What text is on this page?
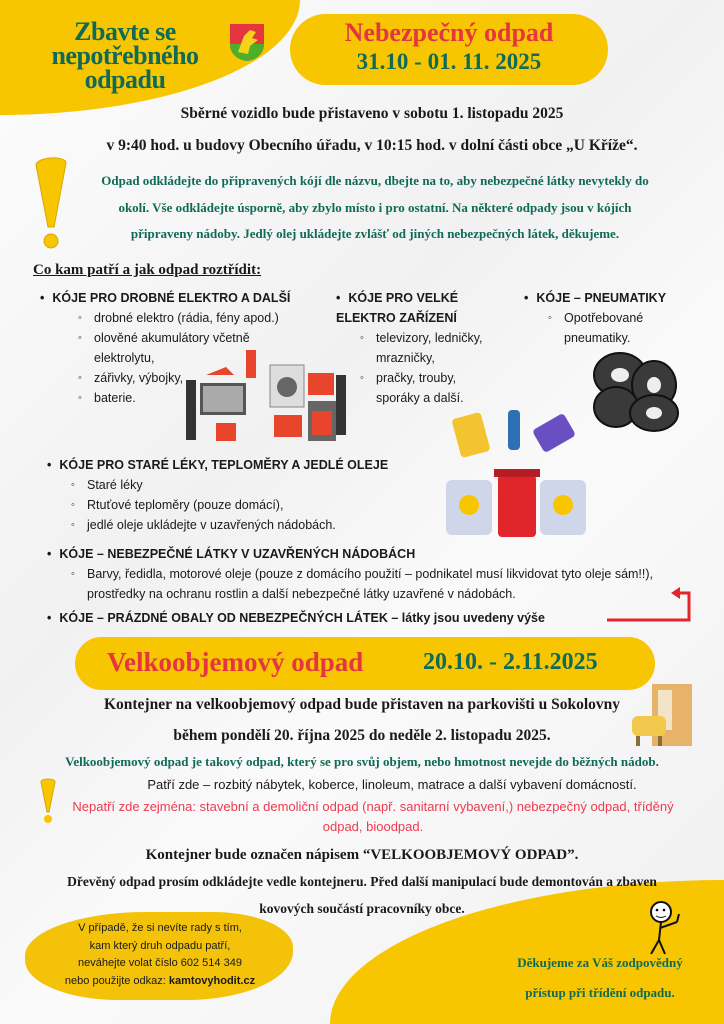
Zbavte se
nepotřebného
odpadu
Nebezpečný odpad
31.10 - 01. 11. 2025
Sběrné vozidlo bude přistaveno v sobotu 1. listopadu 2025
v 9:40 hod. u budovy Obecního úřadu, v 10:15 hod. v dolní části obce „U Kříže“.
Odpad odkládejte do připravených kójí dle názvu, dbejte na to, aby nebezpečné látky nevytekly do
okolí. Vše odkládejte úsporně, aby zbylo místo i pro ostatní. Na některé odpady jsou v kójích
připraveny nádoby. Jedlý olej ukládejte zvlášť od jiných nebezpečných látek, děkujeme.
Co kam patří a jak odpad roztřídit:
• KÓJE PRO DROBNÉ ELEKTRO A DALŠÍ
◦ drobné elektro (rádia, fény apod.)
◦ olověné akumulátory včetně elektrolytu,
◦ zářivky, výbojky,
◦ baterie.
• KÓJE PRO VELKÉ ELEKTRO ZAŘÍZENÍ
◦ televizory, ledničky, mrazničky,
◦ pračky, trouby, sporáky a další.
• KÓJE – PNEUMATIKY
◦ Opotřebované pneumatiky.
• KÓJE PRO STARÉ LÉKY, TEPLOMĚRY A JEDLÉ OLEJE
◦ Staré léky
◦ Rtuťové teploměry (pouze domácí),
◦ jedlé oleje ukládejte v uzavřených nádobách.
• KÓJE – NEBEZPEČNÉ LÁTKY V UZAVŘENÝCH NÁDOBÁCH
◦ Barvy, ředidla, motorové oleje (pouze z domácího použití – podnikatel musí likvidovat tyto oleje sám!!), prostředky na ochranu rostlin a další nebezpečné látky uzavřené v nádobách.
• KÓJE – PRÁZDNÉ OBALY OD NEBEZPEČNÝCH LÁTEK – látky jsou uvedeny výše
Velkoobjemový odpad 20.10. - 2.11.2025
Kontejner na velkoobjemový odpad bude přistaven na parkovišti u Sokolovny
během pondělí 20. října 2025 do neděle 2. listopadu 2025.
Velkoobjemový odpad je takový odpad, který se pro svůj objem, nebo hmotnost nevejde do běžných nádob.
Patří zde – rozbitý nábytek, koberce, linoleum, matrace a další vybavení domácností.
Nepatří zde zejména: stavební a demoliční odpad (např. sanitarní vybavení,) nebezpečný odpad, tříděný odpad, bioodpad.
Kontejner bude označen nápisem “VELKOOBJEMOVÝ ODPAD”.
Dřevěný odpad prosím odkládejte vedle kontejneru. Před další manipulací bude demontován a zbaven
kovových součástí pracovníky obce.
V případě, že si nevíte rady s tím,
kam který druh odpadu patří,
neváhejte volat číslo 602 514 349
nebo použijte odkaz: kamtovyhodit.cz
Děkujeme za Váš zodpovědný
přístup při třídění odpadu.
